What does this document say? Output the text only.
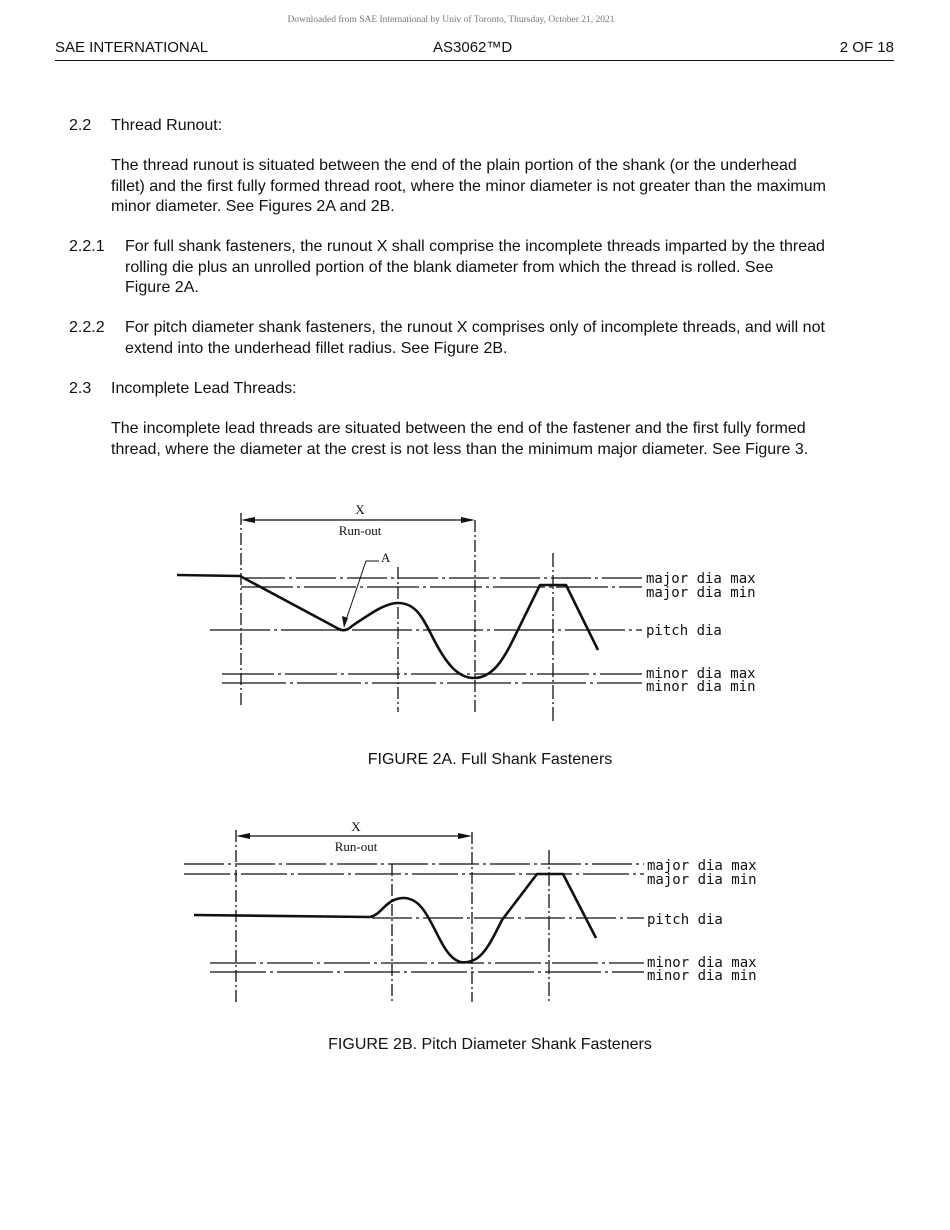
Downloaded from SAE International by Univ of Toronto, Thursday, October 21, 2021
SAE INTERNATIONAL	AS3062™D	2 OF 18
2.2 Thread Runout:
The thread runout is situated between the end of the plain portion of the shank (or the underhead
fillet) and the first fully formed thread root, where the minor diameter is not greater than the maximum
minor diameter. See Figures 2A and 2B.
2.2.1 For full shank fasteners, the runout X shall comprise the incomplete threads imparted by the thread
rolling die plus an unrolled portion of the blank diameter from which the thread is rolled. See
Figure 2A.
2.2.2 For pitch diameter shank fasteners, the runout X comprises only of incomplete threads, and will not
extend into the underhead fillet radius. See Figure 2B.
2.3 Incomplete Lead Threads:
The incomplete lead threads are situated between the end of the fastener and the first fully formed
thread, where the diameter at the crest is not less than the minimum major diameter. See Figure 3.
X
Run-out
A
major dia max
major dia min
pitch dia
minor dia max
minor dia min
FIGURE 2A. Full Shank Fasteners
X
Run-out
major dia max
major dia min
pitch dia
minor dia max
minor dia min
FIGURE 2B. Pitch Diameter Shank Fasteners
